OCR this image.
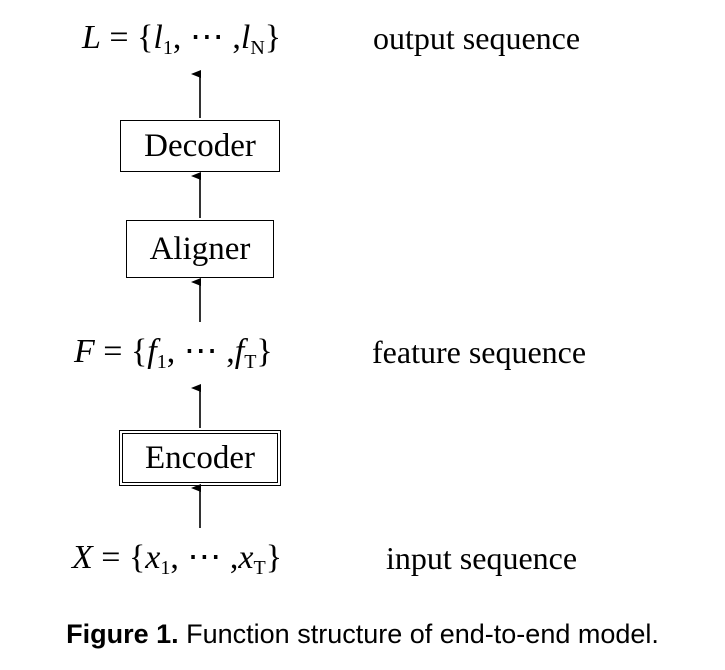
$L = \{l_1$, ⋯ $,l_N$}	output sequence
Decoder
Aligner
$F = \{f_1$, ⋯ $,f_T$}	feature sequence
Encoder
$X = \{x_1$, ⋯ $,x_T$}	input sequence
Figure 1. Function structure of end-to-end model.
